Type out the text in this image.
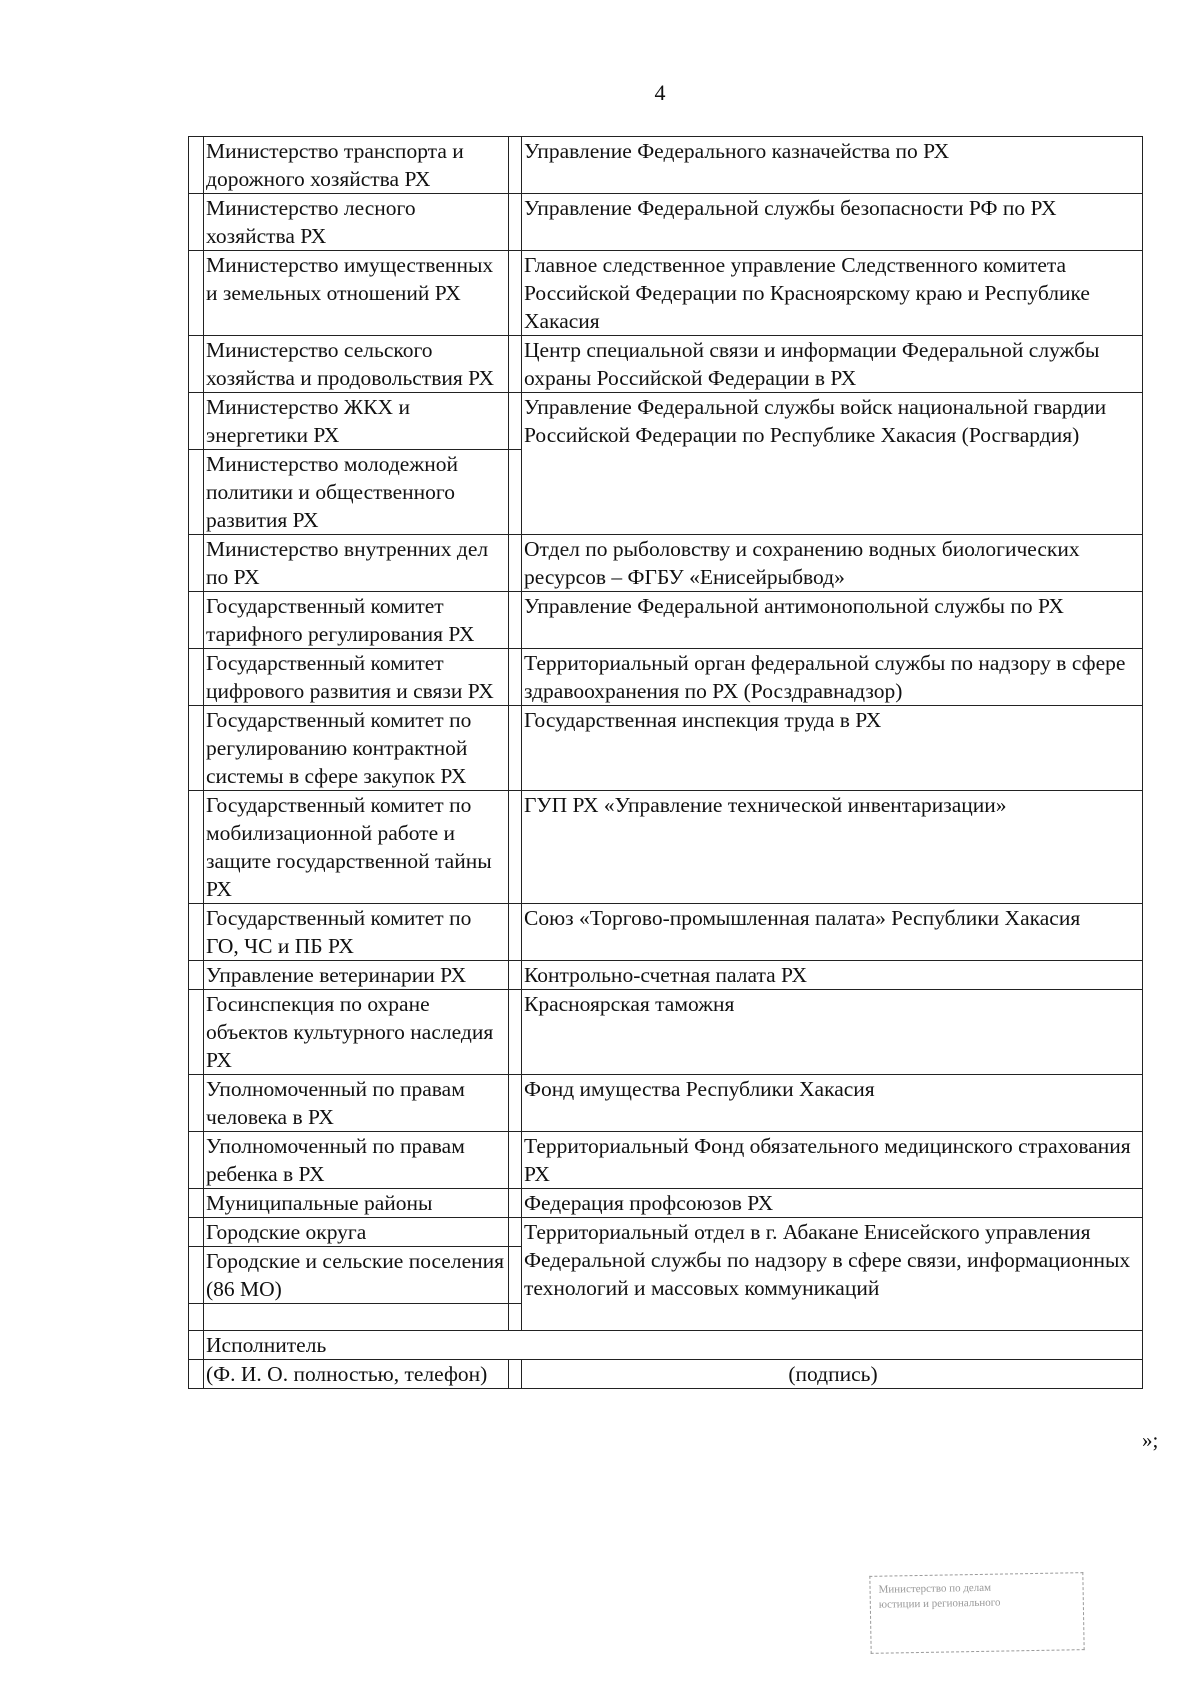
4
	Министерство транспорта и дорожного хозяйства РХ		Управление Федерального казначейства по РХ
	Министерство лесного хозяйства РХ		Управление Федеральной службы безопасности РФ по РХ
	Министерство имущественных и земельных отношений РХ		Главное следственное управление Следственного комитета Российской Федерации по Красноярскому краю и Республике Хакасия
	Министерство сельского хозяйства и продовольствия РХ		Центр специальной связи и информации Федеральной службы охраны Российской Федерации в РХ
	Министерство ЖКХ и энергетики РХ		Управление Федеральной службы войск национальной гвардии Российской Федерации по Республике Хакасия (Росгвардия)
	Министерство молодежной политики и общественного развития РХ		
	Министерство внутренних дел по РХ		Отдел по рыболовству и сохранению водных биологических ресурсов – ФГБУ «Енисейрыбвод»
	Государственный комитет тарифного регулирования РХ		Управление Федеральной антимонопольной службы по РХ
	Государственный комитет цифрового развития и связи РХ		Территориальный орган федеральной службы по надзору в сфере здравоохранения по РХ (Росздравнадзор)
	Государственный комитет по регулированию контрактной системы в сфере закупок РХ		Государственная инспекция труда в РХ
	Государственный комитет по мобилизационной работе и защите государственной тайны РХ		ГУП РХ «Управление технической инвентаризации»
	Государственный комитет по ГО, ЧС и ПБ РХ		Союз «Торгово-промышленная палата» Республики Хакасия
	Управление ветеринарии РХ		Контрольно-счетная палата РХ
	Госинспекция по охране объектов культурного наследия РХ		Красноярская таможня
	Уполномоченный по правам человека в РХ		Фонд имущества Республики Хакасия
	Уполномоченный по правам ребенка в РХ		Территориальный Фонд обязательного медицинского страхования РХ
	Муниципальные районы		Федерация профсоюзов РХ
	Городские округа		Территориальный отдел в г. Абакане Енисейского управления Федеральной службы по надзору в сфере связи, информационных технологий и массовых коммуникаций
	Городские и сельские поселения (86 МО)		

	Исполнитель		
	(Ф. И. О. полностью, телефон)		(подпись)
»;
Министерство по делам
юстиции и регионального
